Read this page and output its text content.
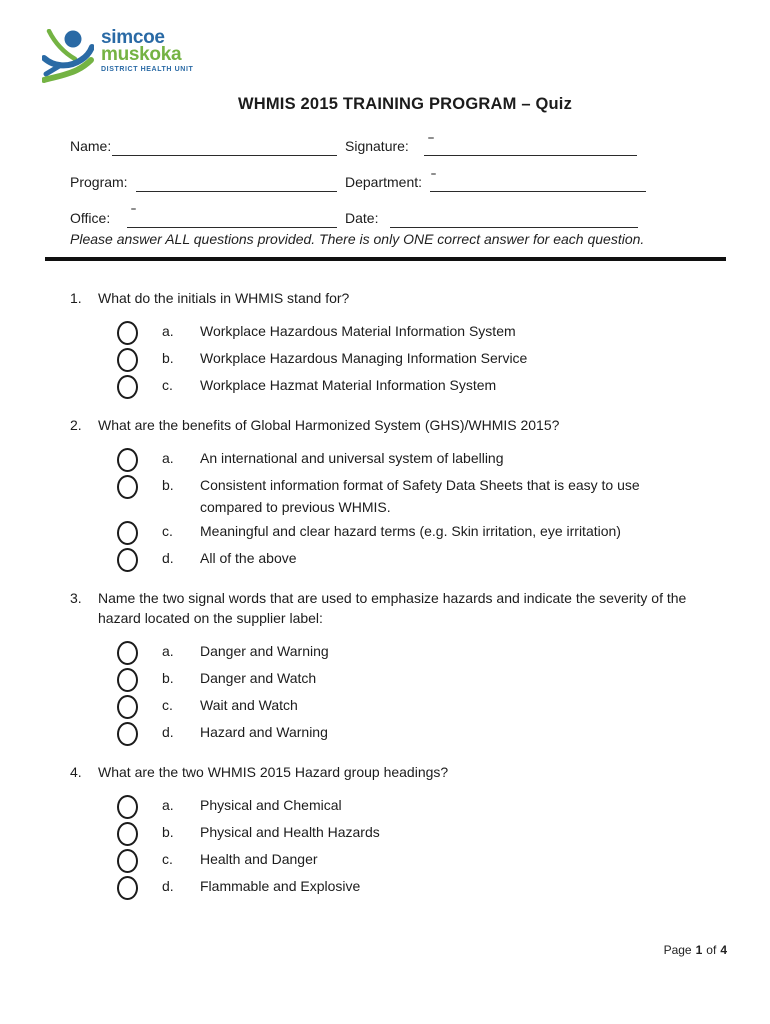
simcoe
muskoka
DISTRICT HEALTH UNIT
WHMIS 2015 TRAINING PROGRAM – Quiz
Name:	Signature:
Program:	Department:
Office:	Date:
Please answer ALL questions provided. There is only ONE correct answer for each question.
1.	What do the initials in WHMIS stand for?
a.	Workplace Hazardous Material Information System
b.	Workplace Hazardous Managing Information Service
c.	Workplace Hazmat Material Information System
2.	What are the benefits of Global Harmonized System (GHS)/WHMIS 2015?
a.	An international and universal system of labelling
b.	Consistent information format of Safety Data Sheets that is easy to use compared to previous WHMIS.
c.	Meaningful and clear hazard terms (e.g. Skin irritation, eye irritation)
d.	All of the above
3.	Name the two signal words that are used to emphasize hazards and indicate the severity of the hazard located on the supplier label:
a.	Danger and Warning
b.	Danger and Watch
c.	Wait and Watch
d.	Hazard and Warning
4.	What are the two WHMIS 2015 Hazard group headings?
a.	Physical and Chemical
b.	Physical and Health Hazards
c.	Health and Danger
d.	Flammable and Explosive
Page 1 of 4
